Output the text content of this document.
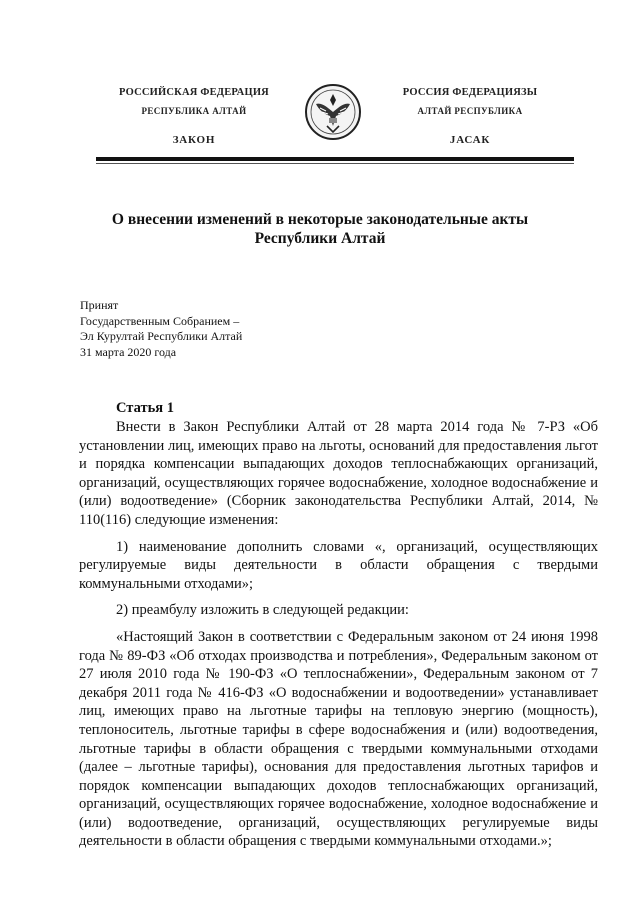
РОССИЙСКАЯ ФЕДЕРАЦИЯ
РЕСПУБЛИКА АЛТАЙ
ЗАКОН
РОССИЯ ФЕДЕРАЦИЯЗЫ
АЛТАЙ РЕСПУБЛИКА
JАСАК
О внесении изменений в некоторые законодательные акты
Республики Алтай
Принят
Государственным Собранием –
Эл Курултай Республики Алтай
31 марта 2020 года
Статья 1

Внести в Закон Республики Алтай от 28 марта 2014 года № 7-РЗ «Об установлении лиц, имеющих право на льготы, оснований для предоставления льгот и порядка компенсации выпадающих доходов теплоснабжающих организаций, организаций, осуществляющих горячее водоснабжение, холодное водоснабжение и (или) водоотведение» (Сборник законодательства Республики Алтай, 2014, № 110(116) следующие изменения:

1) наименование дополнить словами «, организаций, осуществляющих регулируемые виды деятельности в области обращения с твердыми коммунальными отходами»;

2) преамбулу изложить в следующей редакции:

«Настоящий Закон в соответствии с Федеральным законом от 24 июня 1998 года № 89-ФЗ «Об отходах производства и потребления», Федеральным законом от 27 июля 2010 года № 190-ФЗ «О теплоснабжении», Федеральным законом от 7 декабря 2011 года № 416-ФЗ «О водоснабжении и водоотведении» устанавливает лиц, имеющих право на льготные тарифы на тепловую энергию (мощность), теплоноситель, льготные тарифы в сфере водоснабжения и (или) водоотведения, льготные тарифы в области обращения с твердыми коммунальными отходами (далее – льготные тарифы), основания для предоставления льготных тарифов и порядок компенсации выпадающих доходов теплоснабжающих организаций, организаций, осуществляющих горячее водоснабжение, холодное водоснабжение и (или) водоотведение, организаций, осуществляющих регулируемые виды деятельности в области обращения с твердыми коммунальными отходами.»;
